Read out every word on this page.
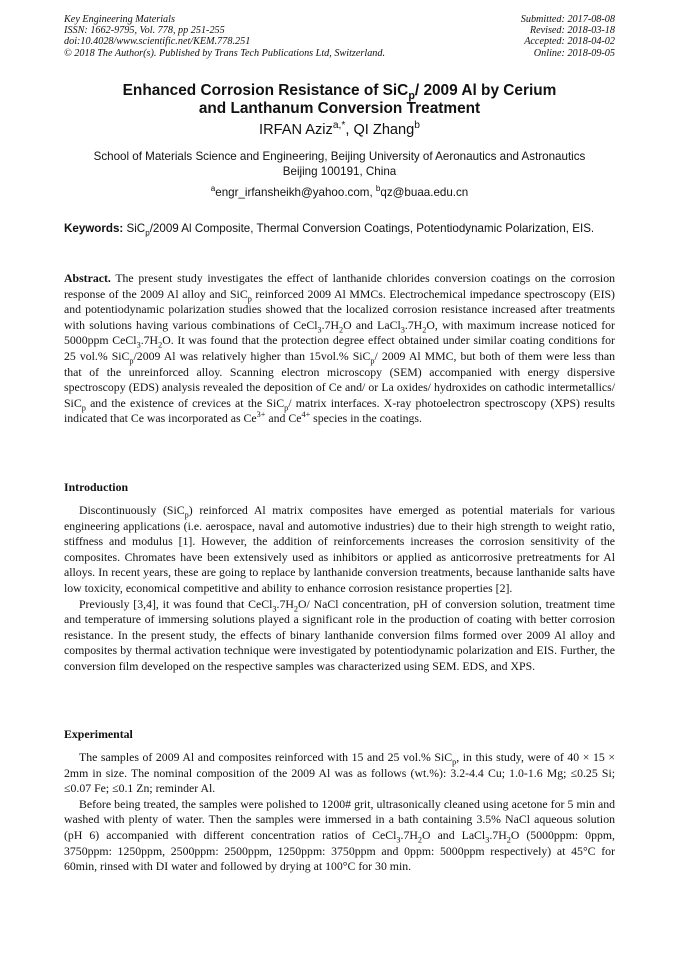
Key Engineering Materials
ISSN: 1662-9795, Vol. 778, pp 251-255
doi:10.4028/www.scientific.net/KEM.778.251
© 2018 The Author(s). Published by Trans Tech Publications Ltd, Switzerland.
Submitted: 2017-08-08
Revised: 2018-03-18
Accepted: 2018-04-02
Online: 2018-09-05
Enhanced Corrosion Resistance of SiC$_p$/ 2009 Al by Cerium
and Lanthanum Conversion Treatment
IRFAN Aziz$^{a,*}$, QI Zhang$^b$
School of Materials Science and Engineering, Beijing University of Aeronautics and Astronautics
Beijing 100191, China
$^a$engr_irfansheikh@yahoo.com, $^b$qz@buaa.edu.cn
Keywords: SiC$_p$/2009 Al Composite, Thermal Conversion Coatings, Potentiodynamic Polarization, EIS.

Abstract. The present study investigates the effect of lanthanide chlorides conversion coatings on the corrosion response of the 2009 Al alloy and SiC$_p$ reinforced 2009 Al MMCs. Electrochemical impedance spectroscopy (EIS) and potentiodynamic polarization studies showed that the localized corrosion resistance increased after treatments with solutions having various combinations of $CeCl_3.7H_2O$ and $LaCl_3.7H_2O$, with maximum increase noticed for 5000ppm $CeCl_3.7H_2O$. It was found that the protection degree effect obtained under similar coating conditions for 25 vol.% SiC$_p$/2009 Al was relatively higher than 15vol.% SiC$_p$/ 2009 Al MMC, but both of them were less than that of the unreinforced alloy. Scanning electron microscopy (SEM) accompanied with energy dispersive spectroscopy (EDS) analysis revealed the deposition of Ce and/ or La oxides/ hydroxides on cathodic intermetallics/ SiC$_p$ and the existence of crevices at the SiC$_p$/ matrix interfaces. X-ray photoelectron spectroscopy (XPS) results indicated that Ce was incorporated as $Ce^{3+}$ and $Ce^{4+}$ species in the coatings.

Introduction

Discontinuously (SiC$_p$) reinforced Al matrix composites have emerged as potential materials for various engineering applications (i.e. aerospace, naval and automotive industries) due to their high strength to weight ratio, stiffness and modulus [1]. However, the addition of reinforcements increases the corrosion sensitivity of the composites. Chromates have been extensively used as inhibitors or applied as anticorrosive pretreatments for Al alloys. In recent years, these are going to replace by lanthanide conversion treatments, because lanthanide salts have low toxicity, economical competitive and ability to enhance corrosion resistance properties [2].

Previously [3,4], it was found that $CeCl_3.7H_2O/$ NaCl concentration, pH of conversion solution, treatment time and temperature of immersing solutions played a significant role in the production of coating with better corrosion resistance. In the present study, the effects of binary lanthanide conversion films formed over 2009 Al alloy and composites by thermal activation technique were investigated by potentiodynamic polarization and EIS. Further, the conversion film developed on the respective samples was characterized using SEM. EDS, and XPS.

Experimental

The samples of 2009 Al and composites reinforced with 15 and 25 vol.% SiC$_p$, in this study, were of 40 × 15 × 2mm in size. The nominal composition of the 2009 Al was as follows (wt.%): 3.2-4.4 Cu; 1.0-1.6 Mg; ≤0.25 Si; ≤0.07 Fe; ≤0.1 Zn; reminder Al.

Before being treated, the samples were polished to 1200# grit, ultrasonically cleaned using acetone for 5 min and washed with plenty of water. Then the samples were immersed in a bath containing 3.5% NaCl aqueous solution (pH 6) accompanied with different concentration ratios of $CeCl_3.7H_2O$ and $LaCl_3.7H_2O$ (5000ppm: 0ppm, 3750ppm: 1250ppm, 2500ppm: 2500ppm, 1250ppm: 3750ppm and 0ppm: 5000ppm respectively) at 45°C for 60min, rinsed with DI water and followed by drying at 100°C for 30 min.
